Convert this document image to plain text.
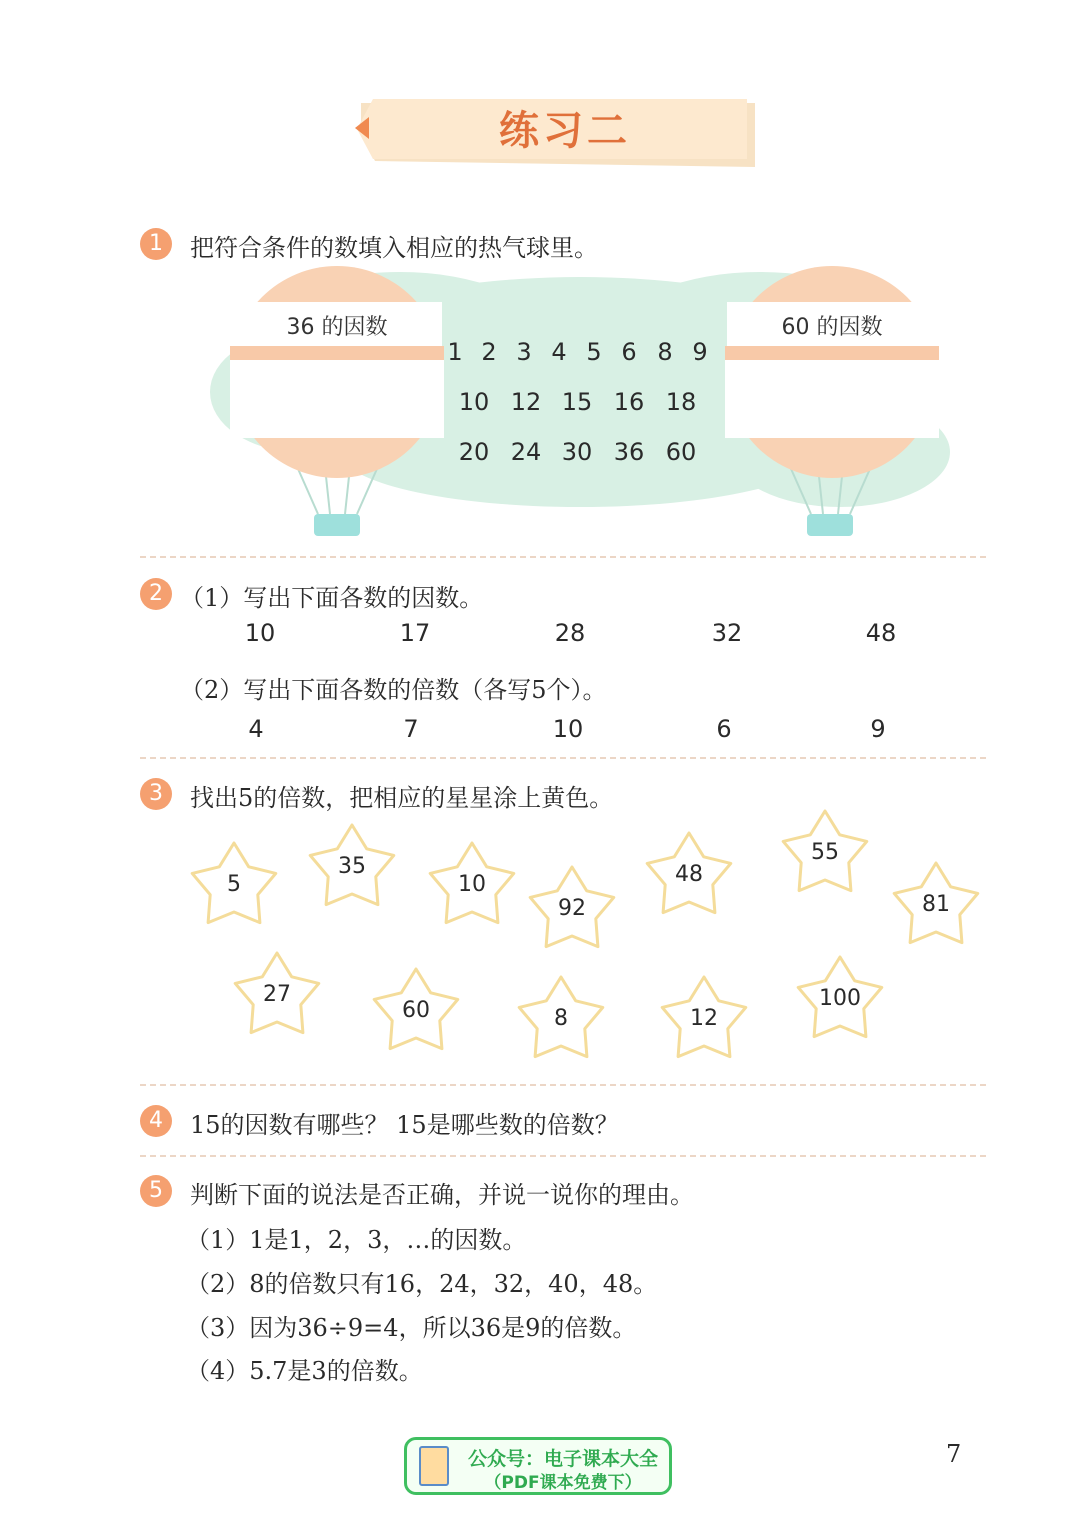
练习二
1	把符合条件的数填入相应的热气球里。
36 的因数	60 的因数
1 2 3 4 5 6 8 9
10 12 15 16 18
20 24 30 36 60
2 （1）写出下面各数的因数。
10	17	28	32	48
（2）写出下面各数的倍数（各写5个）。
4	7	10	6	9
3	找出5的倍数，把相应的星星涂上黄色。
5
35
10
92
48
55
81
27
60	8	12
100
4	15的因数有哪些？ 15是哪些数的倍数？
5	判断下面的说法是否正确，并说一说你的理由。
（1）1是1，2，3，…的因数。
（2）8的倍数只有16，24，32，40，48。
（3）因为36÷9=4，所以36是9的倍数。
（4）5.7是3的倍数。
公众号：电子课本大全
（PDF课本免费下）
7
